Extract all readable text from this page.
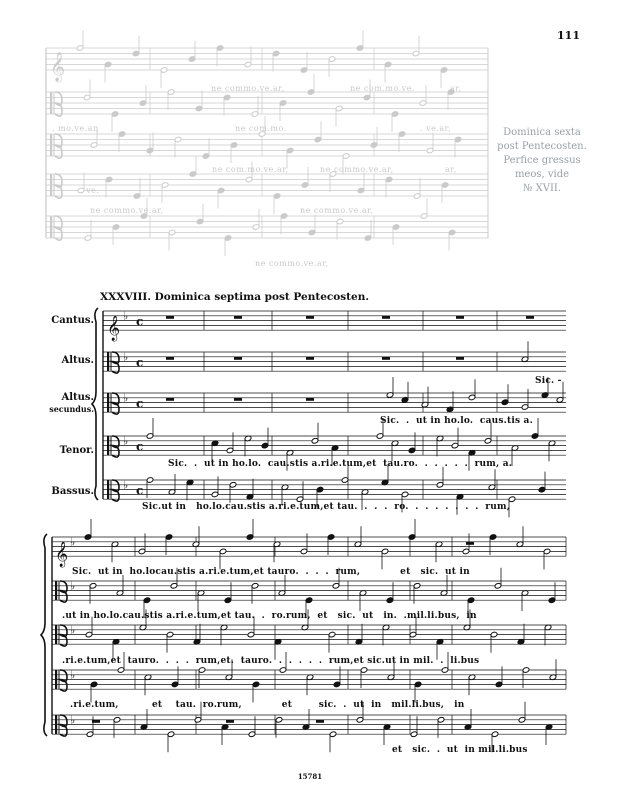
111
𝄞
ne commo.ve.ar,	ne com.mo.ve.	ar,
. mo.ve.ar,	ne com.mo.	. ve.ar,
ne com.mo.ve.ar,	ne commo.ve.ar,
ne commo.ve.ar,	ne commo.ve.ar,
ne commo.ve.ar,
. ve.
ar,
Dominica sexta
post Pentecosten.
Perfice gressus
meos, vide
№ XVII.
XXXVIII. Dominica septima post Pentecosten.
Cantus.
Altus.
Altus.
secundus.
Tenor.
Bassus.
𝄞
♭ c
♭ c
♭ c
♭ c
♭ c
𝄞
♭
♭
♭
♭
♭
Sic. -
Sic.  .  ut in ho.lo.  caus.tis a.
Sic.  .  ut in ho.lo.  cau.stis a.ri.e.tum,et  tau.ro.  .  .  .  .  .  rum, a.
Sic.ut in   ho.lo.cau.stis a.ri.e.tum,et tau.  .  .  .  ro.  .  .  .  .  .  .  .  rum,
Sic.  ut in  ho.locau.stis a.ri.e.tum,et tauro.  .  .  .  rum,            et   sic.  ut in
.ut in ho.lo.cau.stis a.ri.e.tum,et tau.  .  ro.rum,  et   sic.  ut   in.  .mil.li.bus,  in
.ri.e.tum,et  tauro.  .  .  .  rum,et.  tauro.  .  .  .  .  .  rum,et sic.ut in mil.  .  li.bus
.ri.e.tum,          et    tau.  ro.rum,            et        sic.  .  ut  in   mil.li.bus,   in
et   sic.  .  ut  in mil.li.bus
15781
